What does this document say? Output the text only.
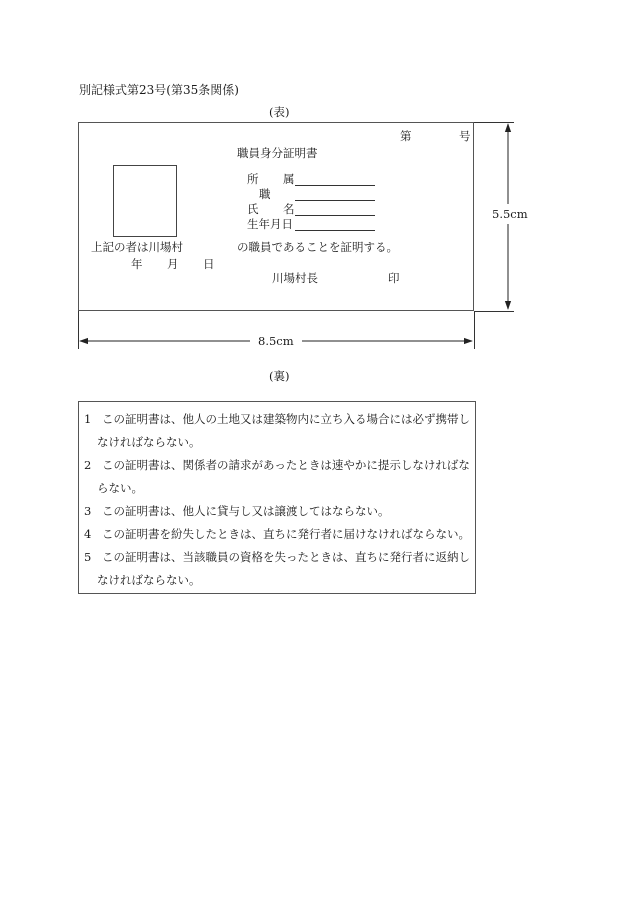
別記様式第23号(第35条関係)
(表)
第	号
職員身分証明書
所 属
職
氏 名
生年月日
上記の者は川場村	の職員であることを証明する。
年 月 日
川場村長	印
5.5cm
8.5cm
(裏)
1 この証明書は、他人の土地又は建築物内に立ち入る場合には必ず携帯し
なければならない。
2 この証明書は、関係者の請求があったときは速やかに提示しなければな
らない。
3 この証明書は、他人に貸与し又は譲渡してはならない。
4 この証明書を紛失したときは、直ちに発行者に届けなければならない。
5 この証明書は、当該職員の資格を失ったときは、直ちに発行者に返納し
なければならない。
